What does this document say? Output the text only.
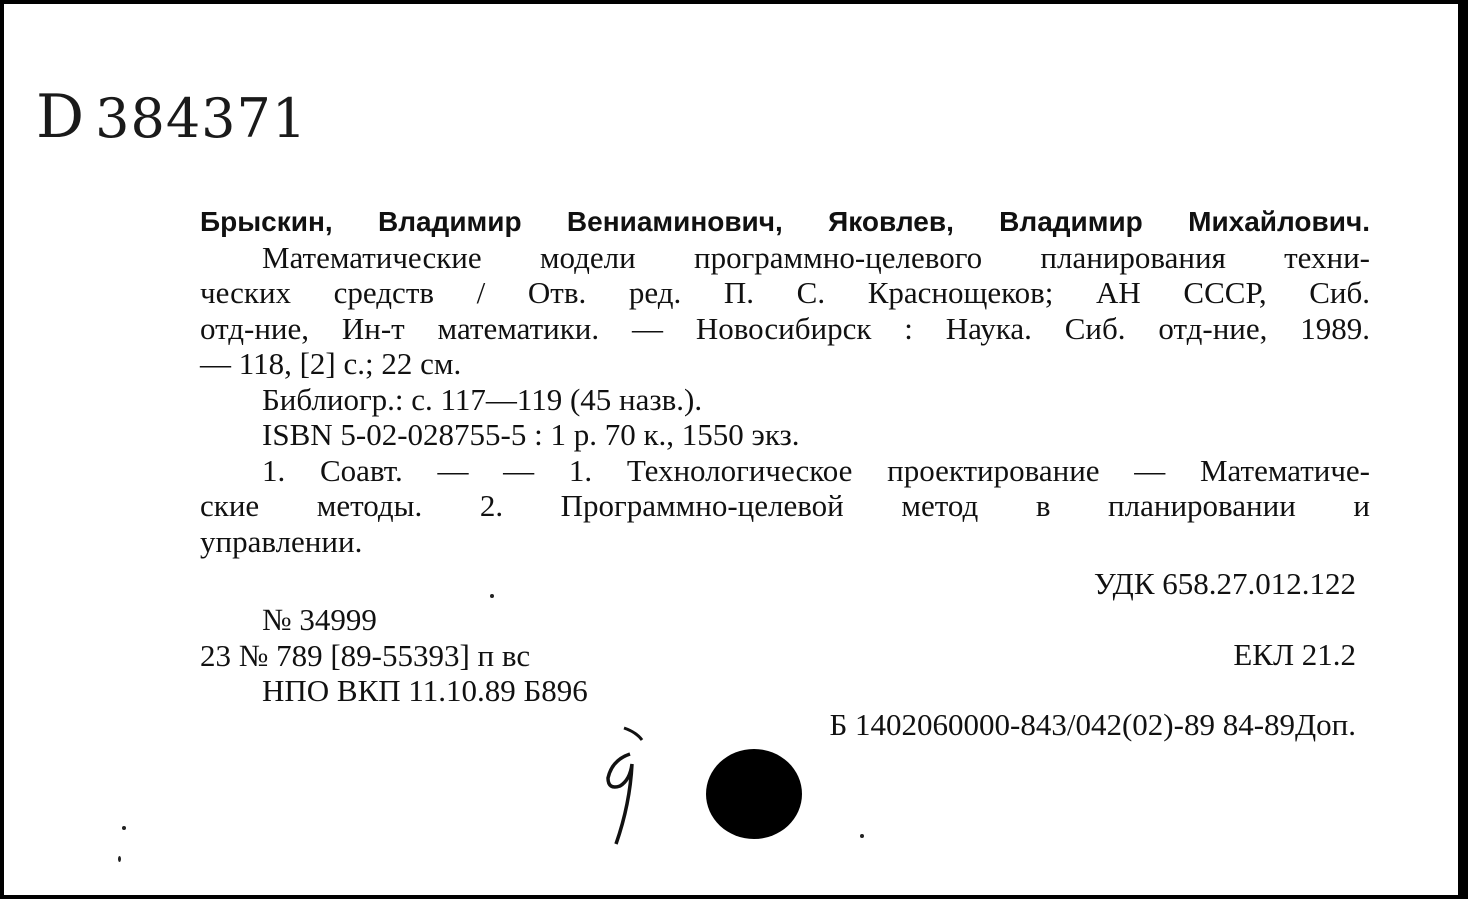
D 384371
Брыскин, Владимир Вениаминович, Яковлев, Владимир Михайлович.
Математические модели программно-целевого планирования техни-
ческих средств / Отв. ред. П. С. Краснощеков; АН СССР, Сиб.
отд-ние, Ин-т математики. — Новосибирск : Наука. Сиб. отд-ние, 1989.
— 118, [2] с.; 22 см.
Библиогр.: с. 117—119 (45 назв.).
ISBN 5-02-028755-5 : 1 р. 70 к., 1550 экз.
1. Соавт. — — 1. Технологическое проектирование — Математиче-
ские методы. 2. Программно-целевой метод в планировании и
управлении.
УДК 658.27.012.122
№ 34999
23 № 789 [89-55393] п вс
НПО ВКП 11.10.89 Б896
ЕКЛ 21.2
Б 1402060000-843/042(02)-89 84-89Доп.
